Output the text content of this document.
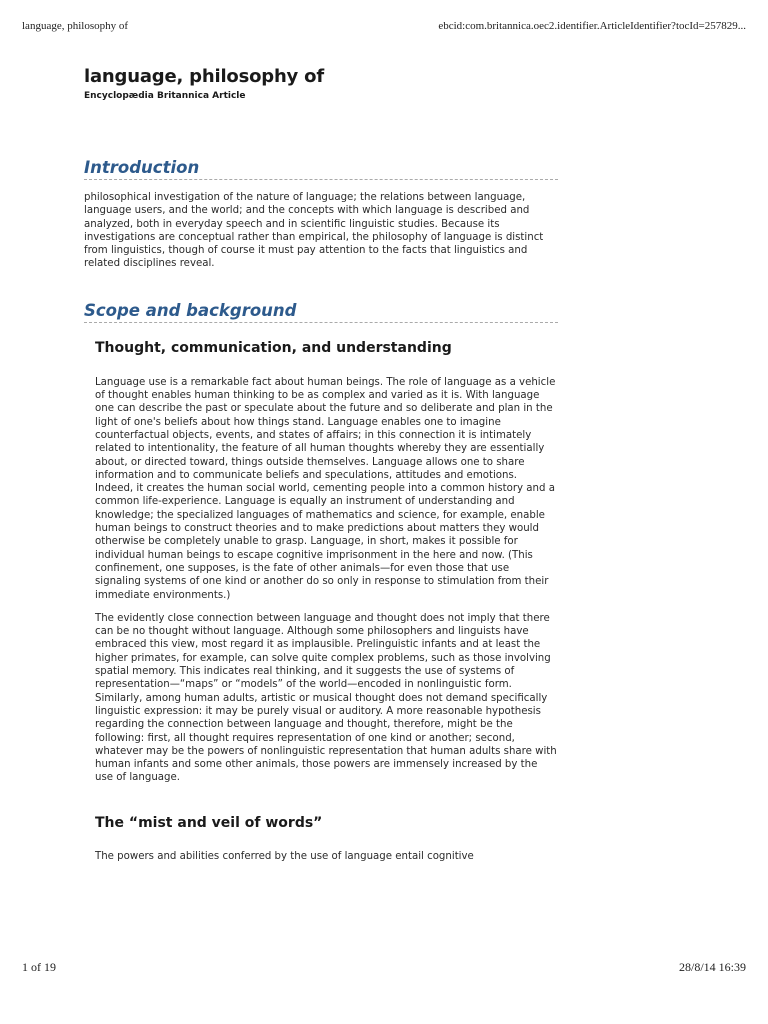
language, philosophy of	ebcid:com.britannica.oec2.identifier.ArticleIdentifier?tocId=257829...
language, philosophy of
Encyclopædia Britannica Article
Introduction

philosophical investigation of the nature of language; the relations between language, language users, and the world; and the concepts with which language is described and analyzed, both in everyday speech and in scientific linguistic studies. Because its investigations are conceptual rather than empirical, the philosophy of language is distinct from linguistics, though of course it must pay attention to the facts that linguistics and related disciplines reveal.

Scope and background
Thought, communication, and understanding

Language use is a remarkable fact about human beings. The role of language as a vehicle of thought enables human thinking to be as complex and varied as it is. With language one can describe the past or speculate about the future and so deliberate and plan in the light of one's beliefs about how things stand. Language enables one to imagine counterfactual objects, events, and states of affairs; in this connection it is intimately related to intentionality, the feature of all human thoughts whereby they are essentially about, or directed toward, things outside themselves. Language allows one to share information and to communicate beliefs and speculations, attitudes and emotions. Indeed, it creates the human social world, cementing people into a common history and a common life-experience. Language is equally an instrument of understanding and knowledge; the specialized languages of mathematics and science, for example, enable human beings to construct theories and to make predictions about matters they would otherwise be completely unable to grasp. Language, in short, makes it possible for individual human beings to escape cognitive imprisonment in the here and now. (This confinement, one supposes, is the fate of other animals—for even those that use signaling systems of one kind or another do so only in response to stimulation from their immediate environments.)

The evidently close connection between language and thought does not imply that there can be no thought without language. Although some philosophers and linguists have embraced this view, most regard it as implausible. Prelinguistic infants and at least the higher primates, for example, can solve quite complex problems, such as those involving spatial memory. This indicates real thinking, and it suggests the use of systems of representation—“maps” or “models” of the world—encoded in nonlinguistic form. Similarly, among human adults, artistic or musical thought does not demand specifically linguistic expression: it may be purely visual or auditory. A more reasonable hypothesis regarding the connection between language and thought, therefore, might be the following: first, all thought requires representation of one kind or another; second, whatever may be the powers of nonlinguistic representation that human adults share with human infants and some other animals, those powers are immensely increased by the use of language.

The “mist and veil of words”

The powers and abilities conferred by the use of language entail cognitive

1 of 19	28/8/14 16:39
